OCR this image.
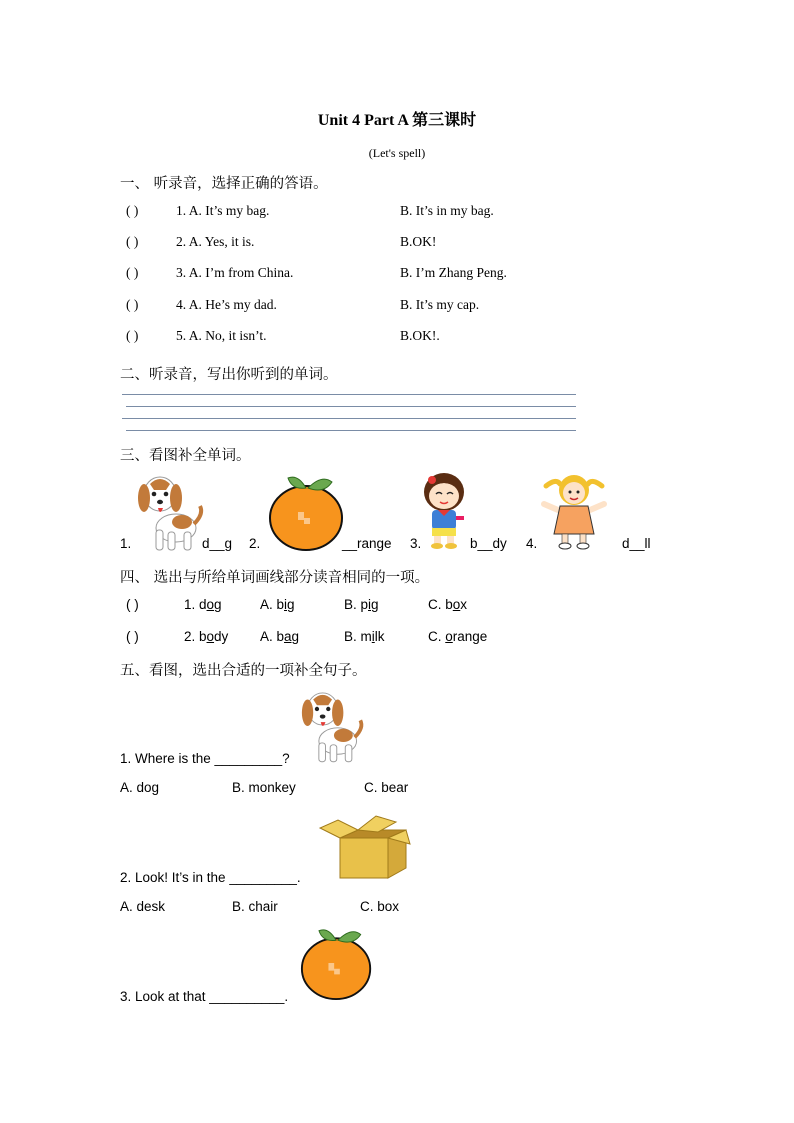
Unit 4 Part A 第三课时
(Let's spell)
一、 听录音，选择正确的答语。
( )	1. A. It’s my bag.	B. It’s in my bag.
( )	2. A. Yes, it is.	B.OK!
( )	3. A. I’m from China.	B. I’m Zhang Peng.
( )	4. A. He’s my dad.	B. It’s my cap.
( )	5. A. No, it isn’t.	B.OK!.
二、听录音，写出你听到的单词。
三、看图补全单词。
1.	d__g 2.	__range 3.	b__dy 4.	d__ll
四、 选出与所给单词画线部分读音相同的一项。
( )	1. dog	A. big	B. pig	C. box
( )	2. body A. bag	B. milk	C. orange
五、看图，选出合适的一项补全句子。
1. Where is the _________?
A. dog	B. monkey	C. bear
2. Look! It’s in the _________.
A. desk	B. chair	C. box
3. Look at that __________.
